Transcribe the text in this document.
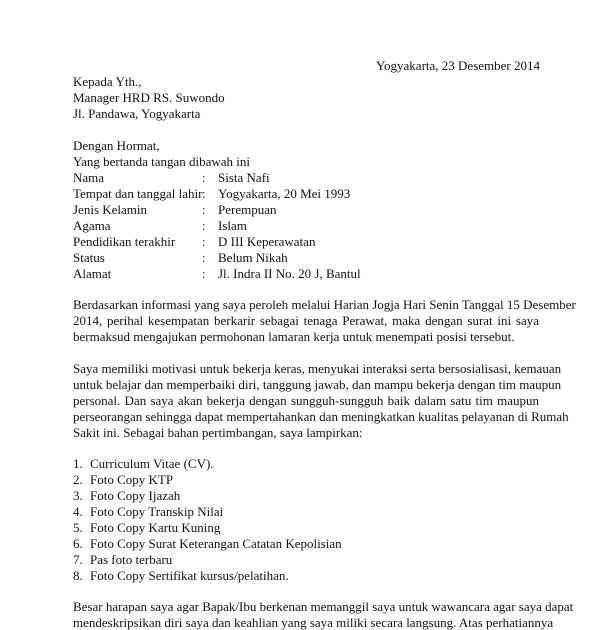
Yogyakarta, 23 Desember 2014
Kepada Yth.,
Manager HRD RS. Suwondo
Jl. Pandawa, Yogyakarta
Dengan Hormat,
Yang bertanda tangan dibawah ini
Nama	: Sista Nafi
Tempat dan tanggal lahir : Yogyakarta, 20 Mei 1993
Jenis Kelamin	: Perempuan
Agama	: Islam
Pendidikan terakhir : D III Keperawatan
Status	: Belum Nikah
Alamat	: Jl. Indra II No. 20 J, Bantul
Berdasarkan informasi yang saya peroleh melalui Harian Jogja Hari Senin Tanggal 15 Desember
2014, perihal kesempatan berkarir sebagai tenaga Perawat, maka dengan surat ini saya
bermaksud mengajukan permohonan lamaran kerja untuk menempati posisi tersebut.
Saya memiliki motivasi untuk bekerja keras, menyukai interaksi serta bersosialisasi, kemauan
untuk belajar dan memperbaiki diri, tanggung jawab, dan mampu bekerja dengan tim maupun
personal. Dan saya akan bekerja dengan sungguh-sungguh baik dalam satu tim maupun
perseorangan sehingga dapat mempertahankan dan meningkatkan kualitas pelayanan di Rumah
Sakit ini. Sebagai bahan pertimbangan, saya lampirkan:
1. Curriculum Vitae (CV).
2. Foto Copy KTP
3. Foto Copy Ijazah
4. Foto Copy Transkip Nilai
5. Foto Copy Kartu Kuning
6. Foto Copy Surat Keterangan Catatan Kepolisian
7. Pas foto terbaru
8. Foto Copy Sertifikat kursus/pelatihan.
Besar harapan saya agar Bapak/Ibu berkenan memanggil saya untuk wawancara agar saya dapat
mendeskripsikan diri saya dan keahlian yang saya miliki secara langsung. Atas perhatiannya
